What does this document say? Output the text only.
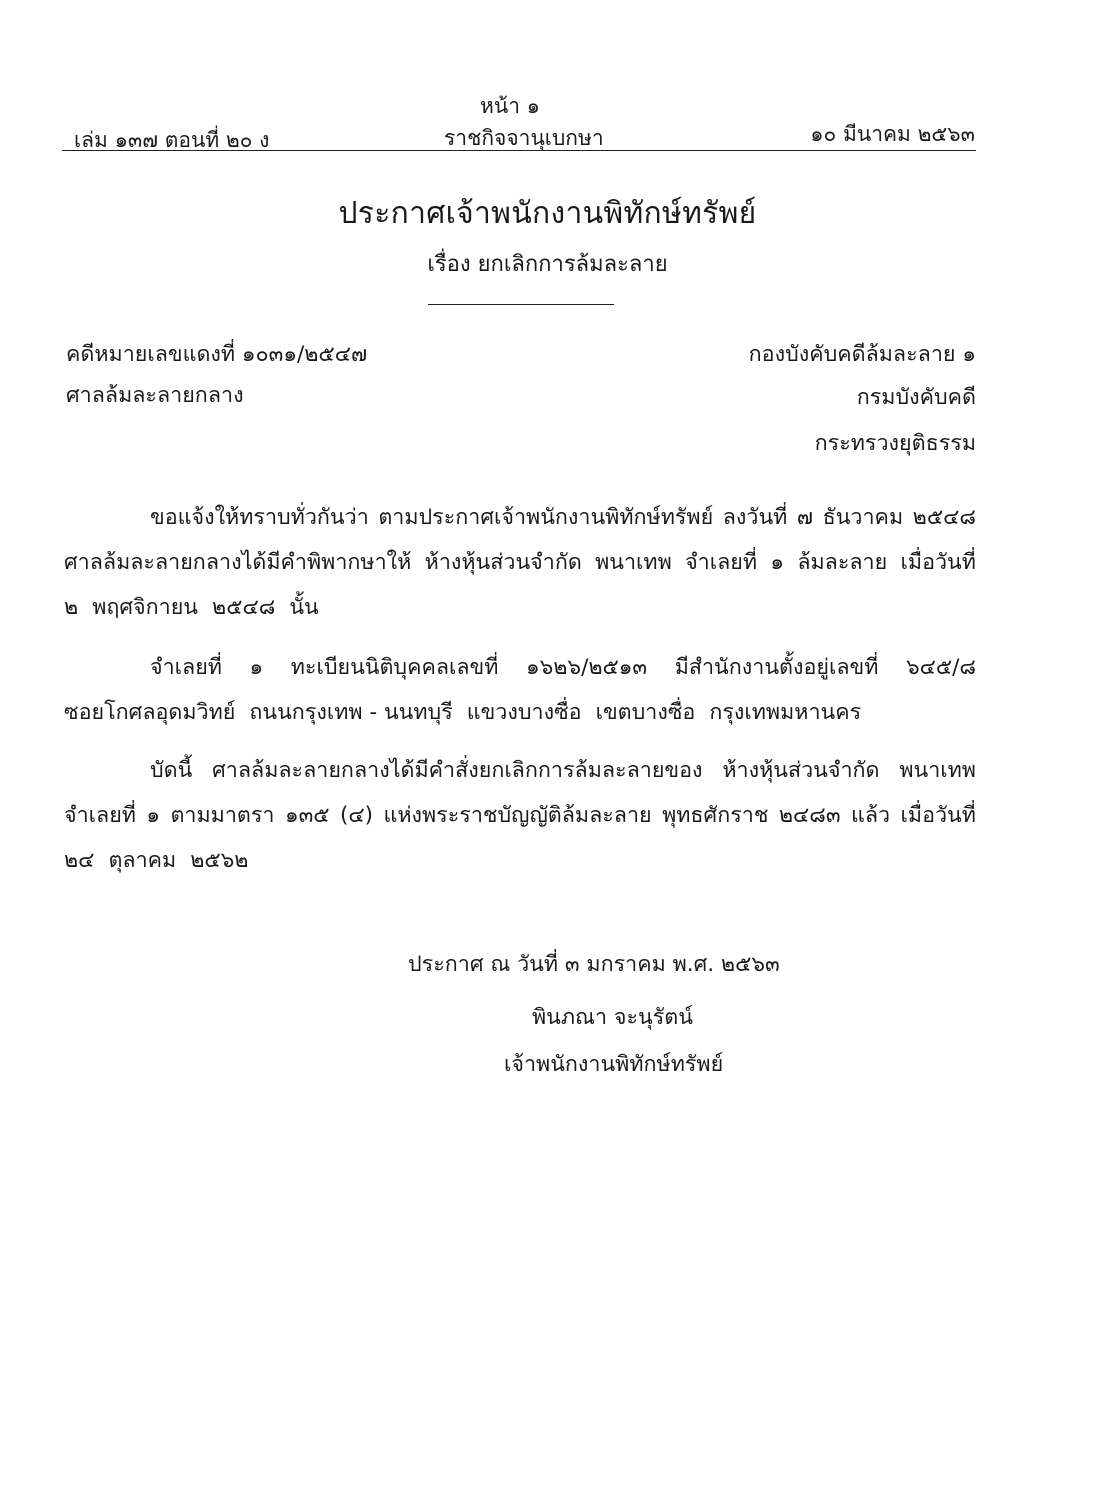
หน้า ๑
เล่ม ๑๓๗ ตอนที่ ๒๐ ง	ราชกิจจานุเบกษา	๑๐ มีนาคม ๒๕๖๓
ประกาศเจ้าพนักงานพิทักษ์ทรัพย์
เรื่อง ยกเลิกการล้มละลาย
คดีหมายเลขแดงที่ ๑๐๓๑/๒๕๔๗
ศาลล้มละลายกลาง
กองบังคับคดีล้มละลาย ๑
กรมบังคับคดี
กระทรวงยุติธรรม
ขอแจ้งให้ทราบทั่วกันว่า ตามประกาศเจ้าพนักงานพิทักษ์ทรัพย์ ลงวันที่ ๗ ธันวาคม ๒๕๔๘
ศาลล้มละลายกลางได้มีคำพิพากษาให้ ห้างหุ้นส่วนจำกัด พนาเทพ จำเลยที่ ๑ ล้มละลาย เมื่อวันที่
๒ พฤศจิกายน ๒๕๔๘ นั้น
จำเลยที่ ๑ ทะเบียนนิติบุคคลเลขที่ ๑๖๒๖/๒๕๑๓ มีสำนักงานตั้งอยู่เลขที่ ๖๔๕/๘
ซอยโกศลอุดมวิทย์ ถนนกรุงเทพ - นนทบุรี แขวงบางซื่อ เขตบางซื่อ กรุงเทพมหานคร
บัดนี้ ศาลล้มละลายกลางได้มีคำสั่งยกเลิกการล้มละลายของ ห้างหุ้นส่วนจำกัด พนาเทพ
จำเลยที่ ๑ ตามมาตรา ๑๓๕ (๔) แห่งพระราชบัญญัติล้มละลาย พุทธศักราช ๒๔๘๓ แล้ว เมื่อวันที่
๒๔ ตุลาคม ๒๕๖๒
ประกาศ ณ วันที่ ๓ มกราคม พ.ศ. ๒๕๖๓
พินภณา จะนุรัตน์
เจ้าพนักงานพิทักษ์ทรัพย์
